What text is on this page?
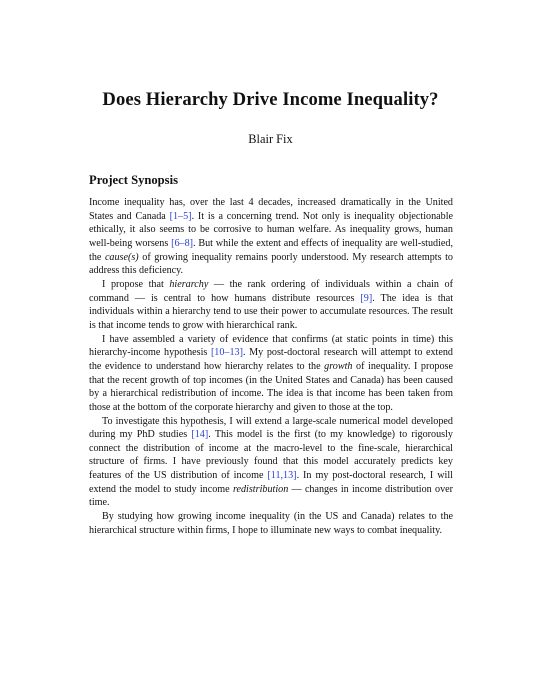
Does Hierarchy Drive Income Inequality?
Blair Fix
Project Synopsis

Income inequality has, over the last 4 decades, increased dramatically in the United States and Canada [1–5]. It is a concerning trend. Not only is inequality objectionable ethically, it also seems to be corrosive to human welfare. As inequality grows, human well-being worsens [6–8]. But while the extent and effects of inequality are well-studied, the cause(s) of growing inequality remains poorly understood. My research attempts to address this deficiency.

I propose that hierarchy — the rank ordering of individuals within a chain of command — is central to how humans distribute resources [9]. The idea is that individuals within a hierarchy tend to use their power to accumulate resources. The result is that income tends to grow with hierarchical rank.

I have assembled a variety of evidence that confirms (at static points in time) this hierarchy-income hypothesis [10–13]. My post-doctoral research will attempt to extend the evidence to understand how hierarchy relates to the growth of inequality. I propose that the recent growth of top incomes (in the United States and Canada) has been caused by a hierarchical redistribution of income. The idea is that income has been taken from those at the bottom of the corporate hierarchy and given to those at the top.

To investigate this hypothesis, I will extend a large-scale numerical model developed during my PhD studies [14]. This model is the first (to my knowledge) to rigorously connect the distribution of income at the macro-level to the fine-scale, hierarchical structure of firms. I have previously found that this model accurately predicts key features of the US distribution of income [11,13]. In my post-doctoral research, I will extend the model to study income redistribution — changes in income distribution over time.

By studying how growing income inequality (in the US and Canada) relates to the hierarchical structure within firms, I hope to illuminate new ways to combat inequality.
